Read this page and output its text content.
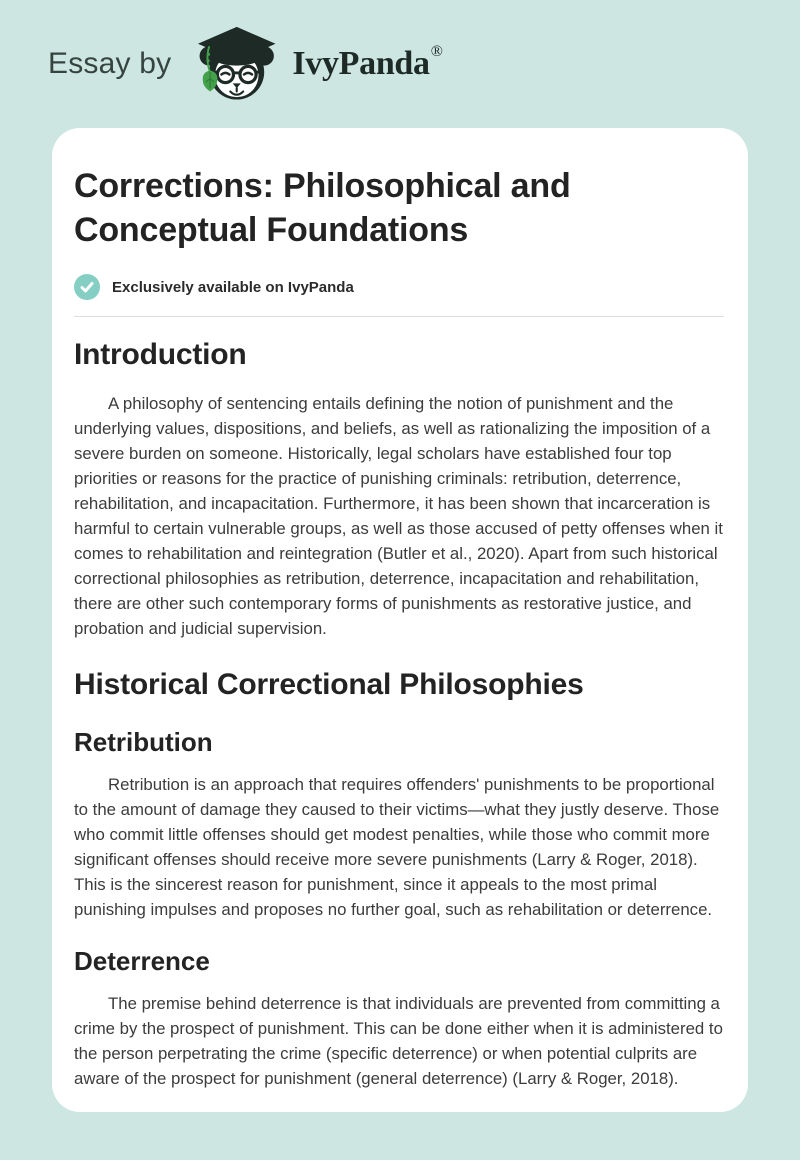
Essay by	IvyPanda ®
Corrections: Philosophical and Conceptual Foundations
Exclusively available on IvyPanda
Introduction

A philosophy of sentencing entails defining the notion of punishment and the underlying values, dispositions, and beliefs, as well as rationalizing the imposition of a severe burden on someone. Historically, legal scholars have established four top priorities or reasons for the practice of punishing criminals: retribution, deterrence, rehabilitation, and incapacitation. Furthermore, it has been shown that incarceration is harmful to certain vulnerable groups, as well as those accused of petty offenses when it comes to rehabilitation and reintegration (Butler et al., 2020). Apart from such historical correctional philosophies as retribution, deterrence, incapacitation and rehabilitation, there are other such contemporary forms of punishments as restorative justice, and probation and judicial supervision.

Historical Correctional Philosophies
Retribution

Retribution is an approach that requires offenders' punishments to be proportional to the amount of damage they caused to their victims—what they justly deserve. Those who commit little offenses should get modest penalties, while those who commit more significant offenses should receive more severe punishments (Larry & Roger, 2018). This is the sincerest reason for punishment, since it appeals to the most primal punishing impulses and proposes no further goal, such as rehabilitation or deterrence.

Deterrence

The premise behind deterrence is that individuals are prevented from committing a crime by the prospect of punishment. This can be done either when it is administered to the person perpetrating the crime (specific deterrence) or when potential culprits are aware of the prospect for punishment (general deterrence) (Larry & Roger, 2018).
